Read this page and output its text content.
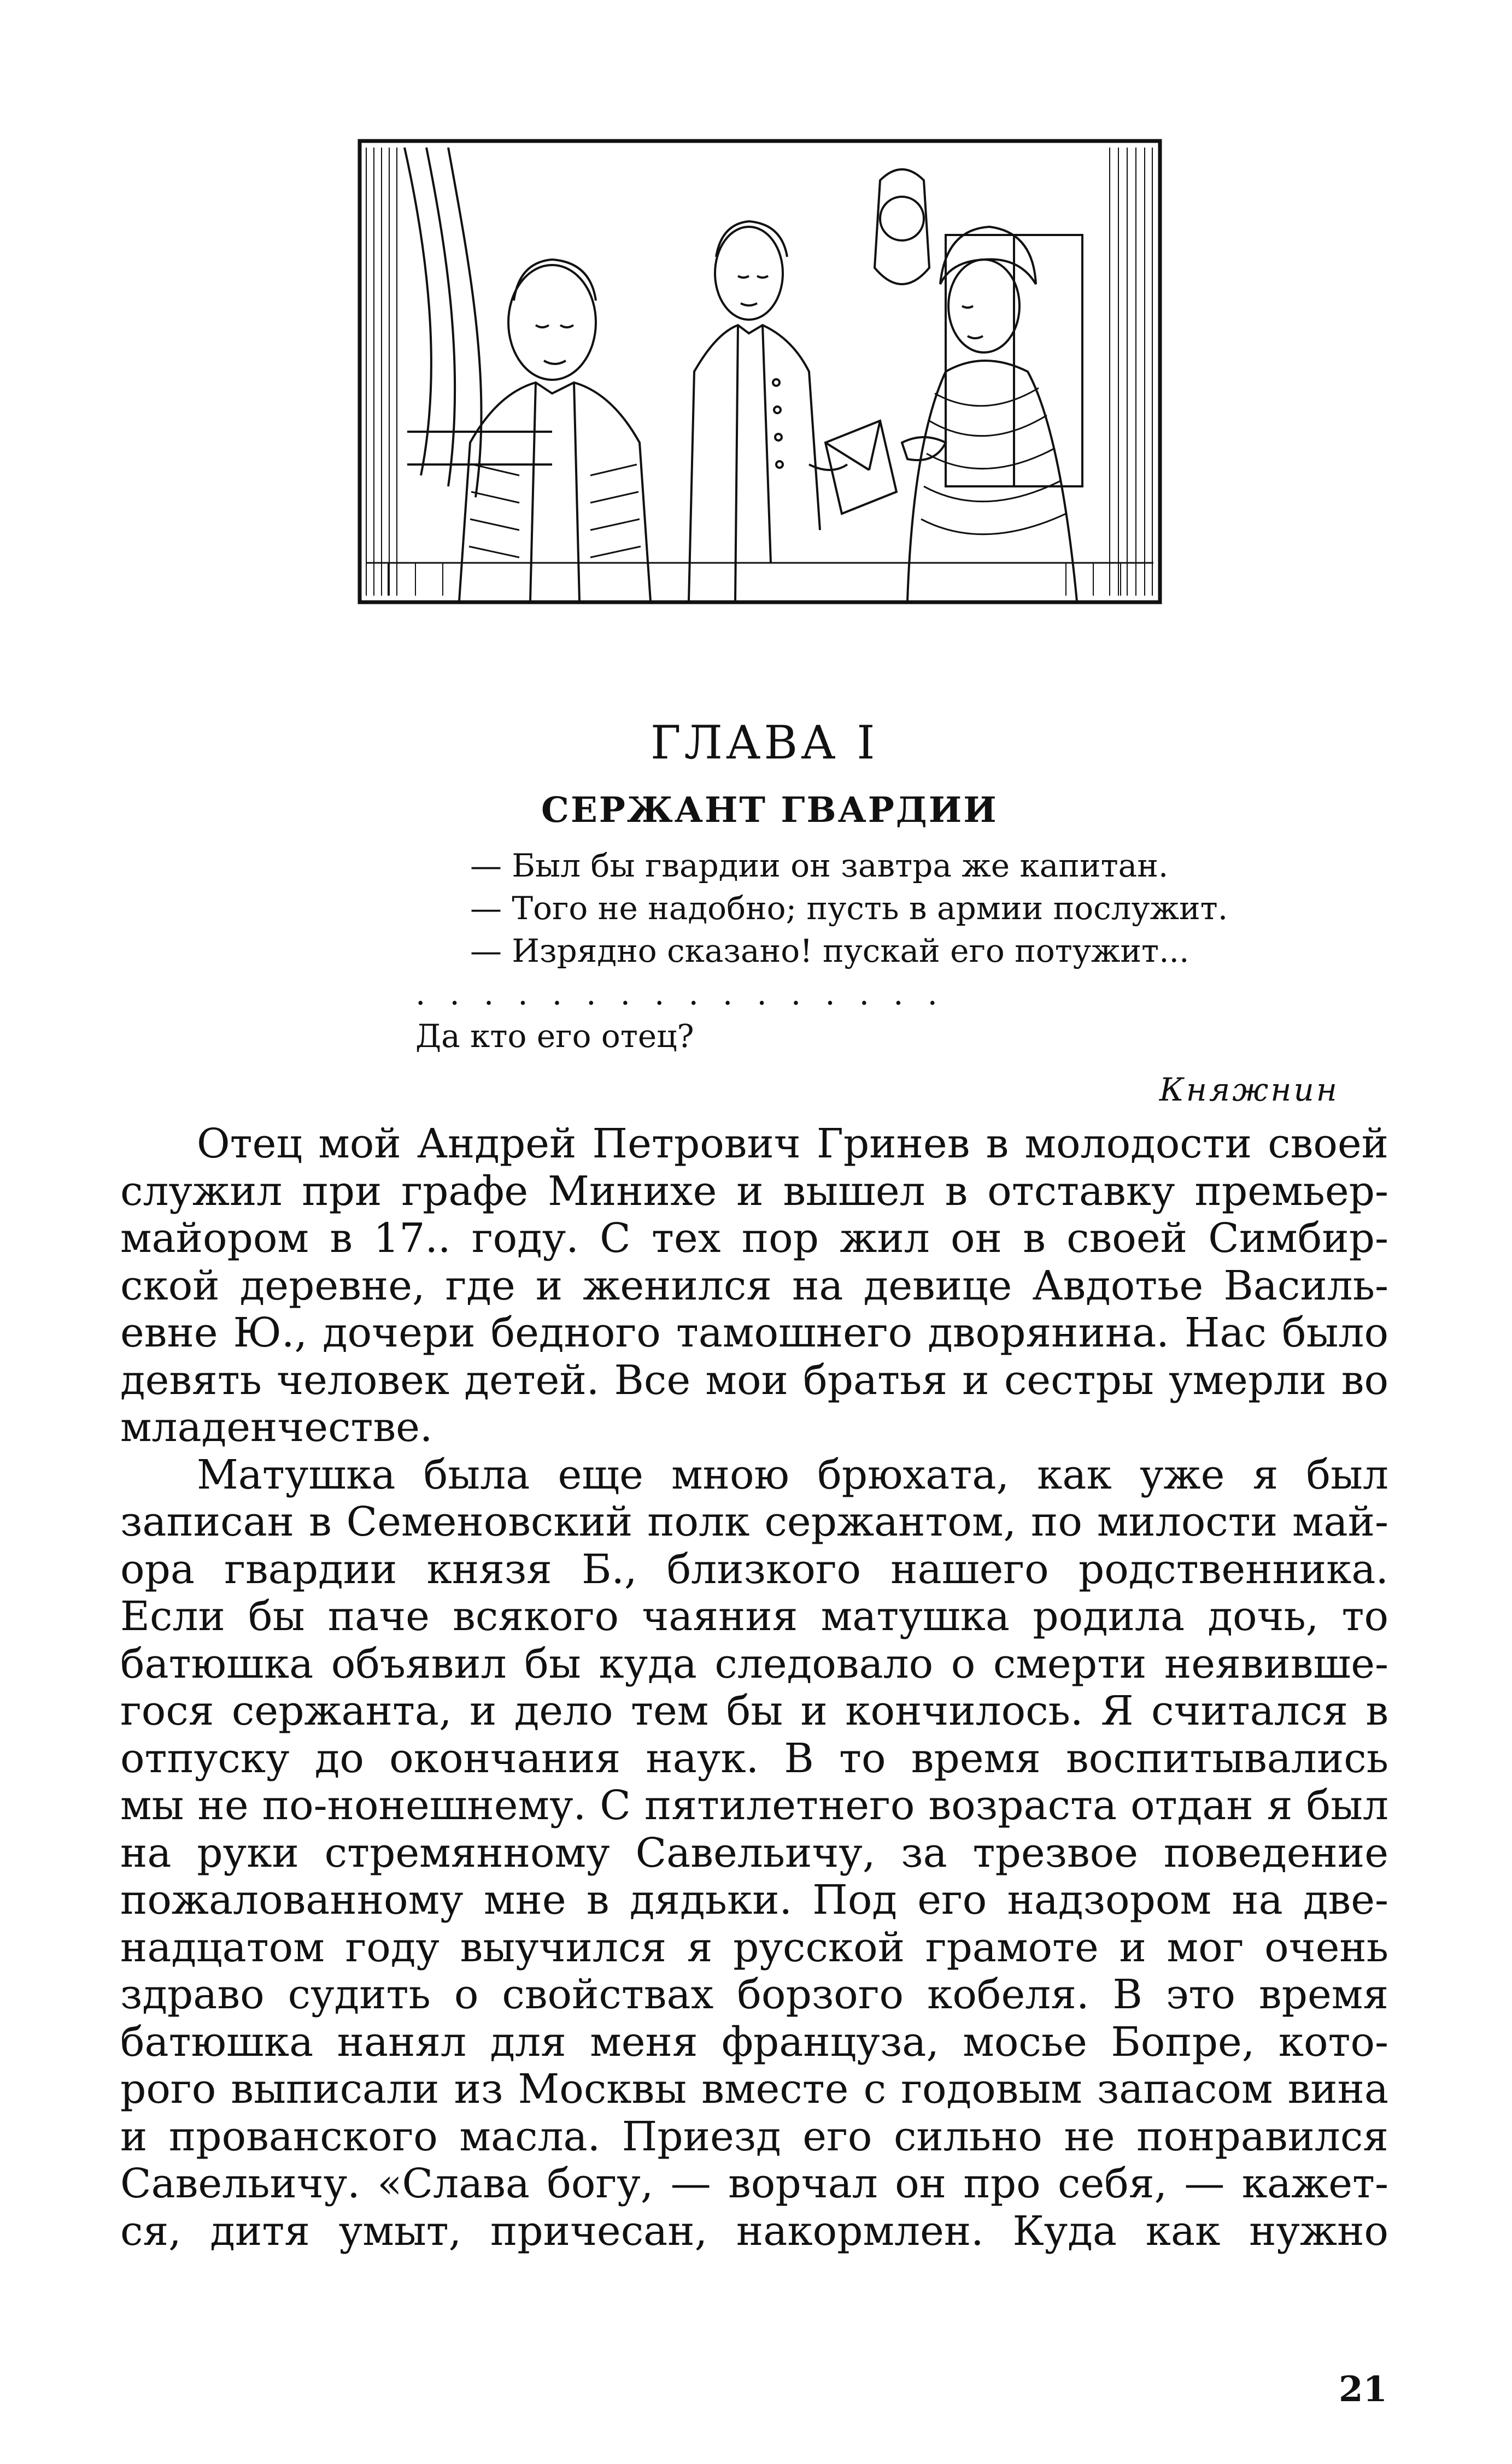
ГЛАВА I
СЕРЖАНТ ГВАРДИИ
— Был бы гвардии он завтра же капитан.
— Того не надобно; пусть в армии послужит.
— Изрядно сказано! пускай его потужит...
................
Да кто его отец?
Княжнин

Отец мой Андрей Петрович Гринев в молодости своей
служил при графе Минихе и вышел в отставку премьер-
майором в 17.. году. С тех пор жил он в своей Симбир-
ской деревне, где и женился на девице Авдотье Василь-
евне Ю., дочери бедного тамошнего дворянина. Нас было
девять человек детей. Все мои братья и сестры умерли во
младенчестве.

Матушка была еще мною брюхата, как уже я был
записан в Семеновский полк сержантом, по милости май-
ора гвардии князя Б., близкого нашего родственника.
Если бы паче всякого чаяния матушка родила дочь, то
батюшка объявил бы куда следовало о смерти неявивше-
гося сержанта, и дело тем бы и кончилось. Я считался в
отпуску до окончания наук. В то время воспитывались
мы не по-нонешнему. С пятилетнего возраста отдан я был
на руки стремянному Савельичу, за трезвое поведение
пожалованному мне в дядьки. Под его надзором на две-
надцатом году выучился я русской грамоте и мог очень
здраво судить о свойствах борзого кобеля. В это время
батюшка нанял для меня француза, мосье Бопре, кото-
рого выписали из Москвы вместе с годовым запасом вина
и прованского масла. Приезд его сильно не понравился
Савельичу. «Слава богу, — ворчал он про себя, — кажет-
ся, дитя умыт, причесан, накормлен. Куда как нужно

21
